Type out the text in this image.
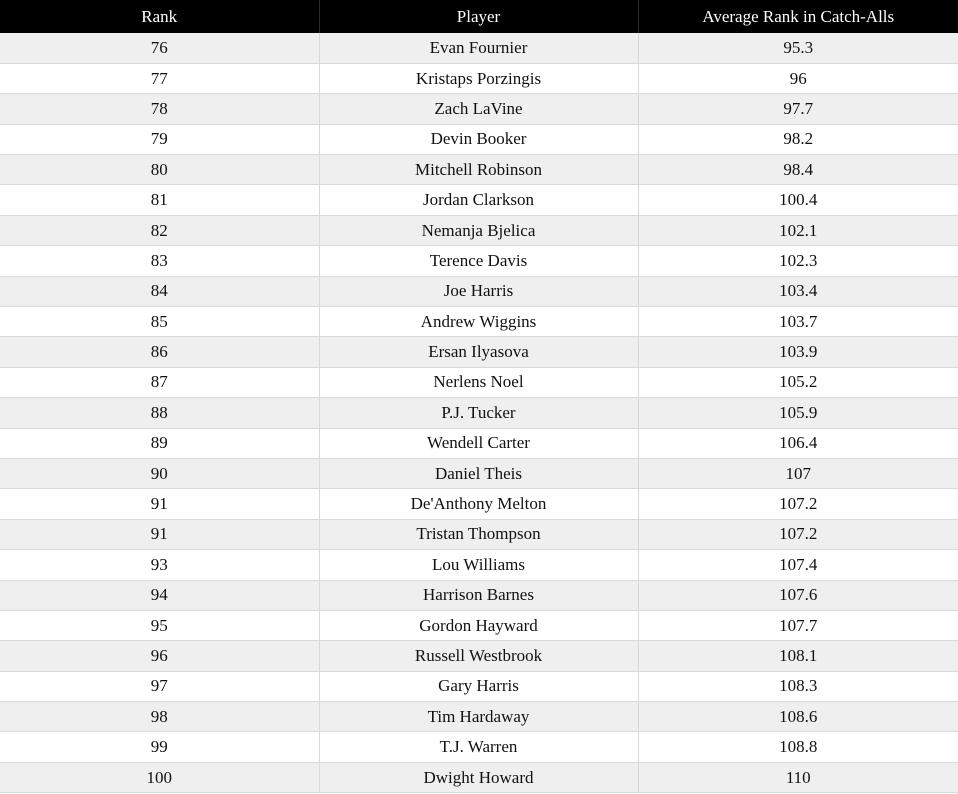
Rank	Player	Average Rank in Catch-Alls
76	Evan Fournier	95.3
77	Kristaps Porzingis	96
78	Zach LaVine	97.7
79	Devin Booker	98.2
80	Mitchell Robinson	98.4
81	Jordan Clarkson	100.4
82	Nemanja Bjelica	102.1
83	Terence Davis	102.3
84	Joe Harris	103.4
85	Andrew Wiggins	103.7
86	Ersan Ilyasova	103.9
87	Nerlens Noel	105.2
88	P.J. Tucker	105.9
89	Wendell Carter	106.4
90	Daniel Theis	107
91	De'Anthony Melton	107.2
91	Tristan Thompson	107.2
93	Lou Williams	107.4
94	Harrison Barnes	107.6
95	Gordon Hayward	107.7
96	Russell Westbrook	108.1
97	Gary Harris	108.3
98	Tim Hardaway	108.6
99	T.J. Warren	108.8
100	Dwight Howard	110
